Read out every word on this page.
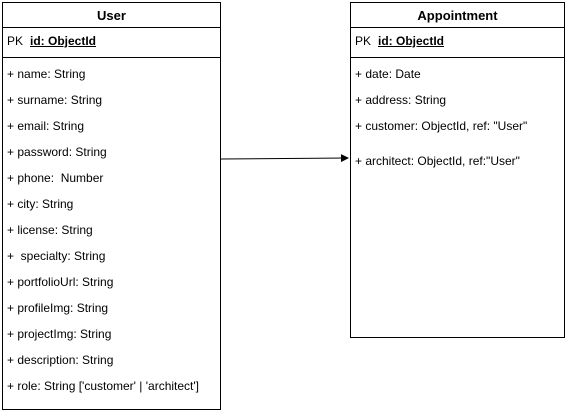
User
PK id: ObjectId
+ name: String
+ surname: String
+ email: String
+ password: String
+ phone:  Number
+ city: String
+ license: String
+  specialty: String
+ portfolioUrl: String
+ profileImg: String
+ projectImg: String
+ description: String
+ role: String ['customer' | 'architect']
Appointment
PK id: ObjectId
+ date: Date
+ address: String
+ customer: ObjectId, ref: "User"
+ architect: ObjectId, ref:"User"
